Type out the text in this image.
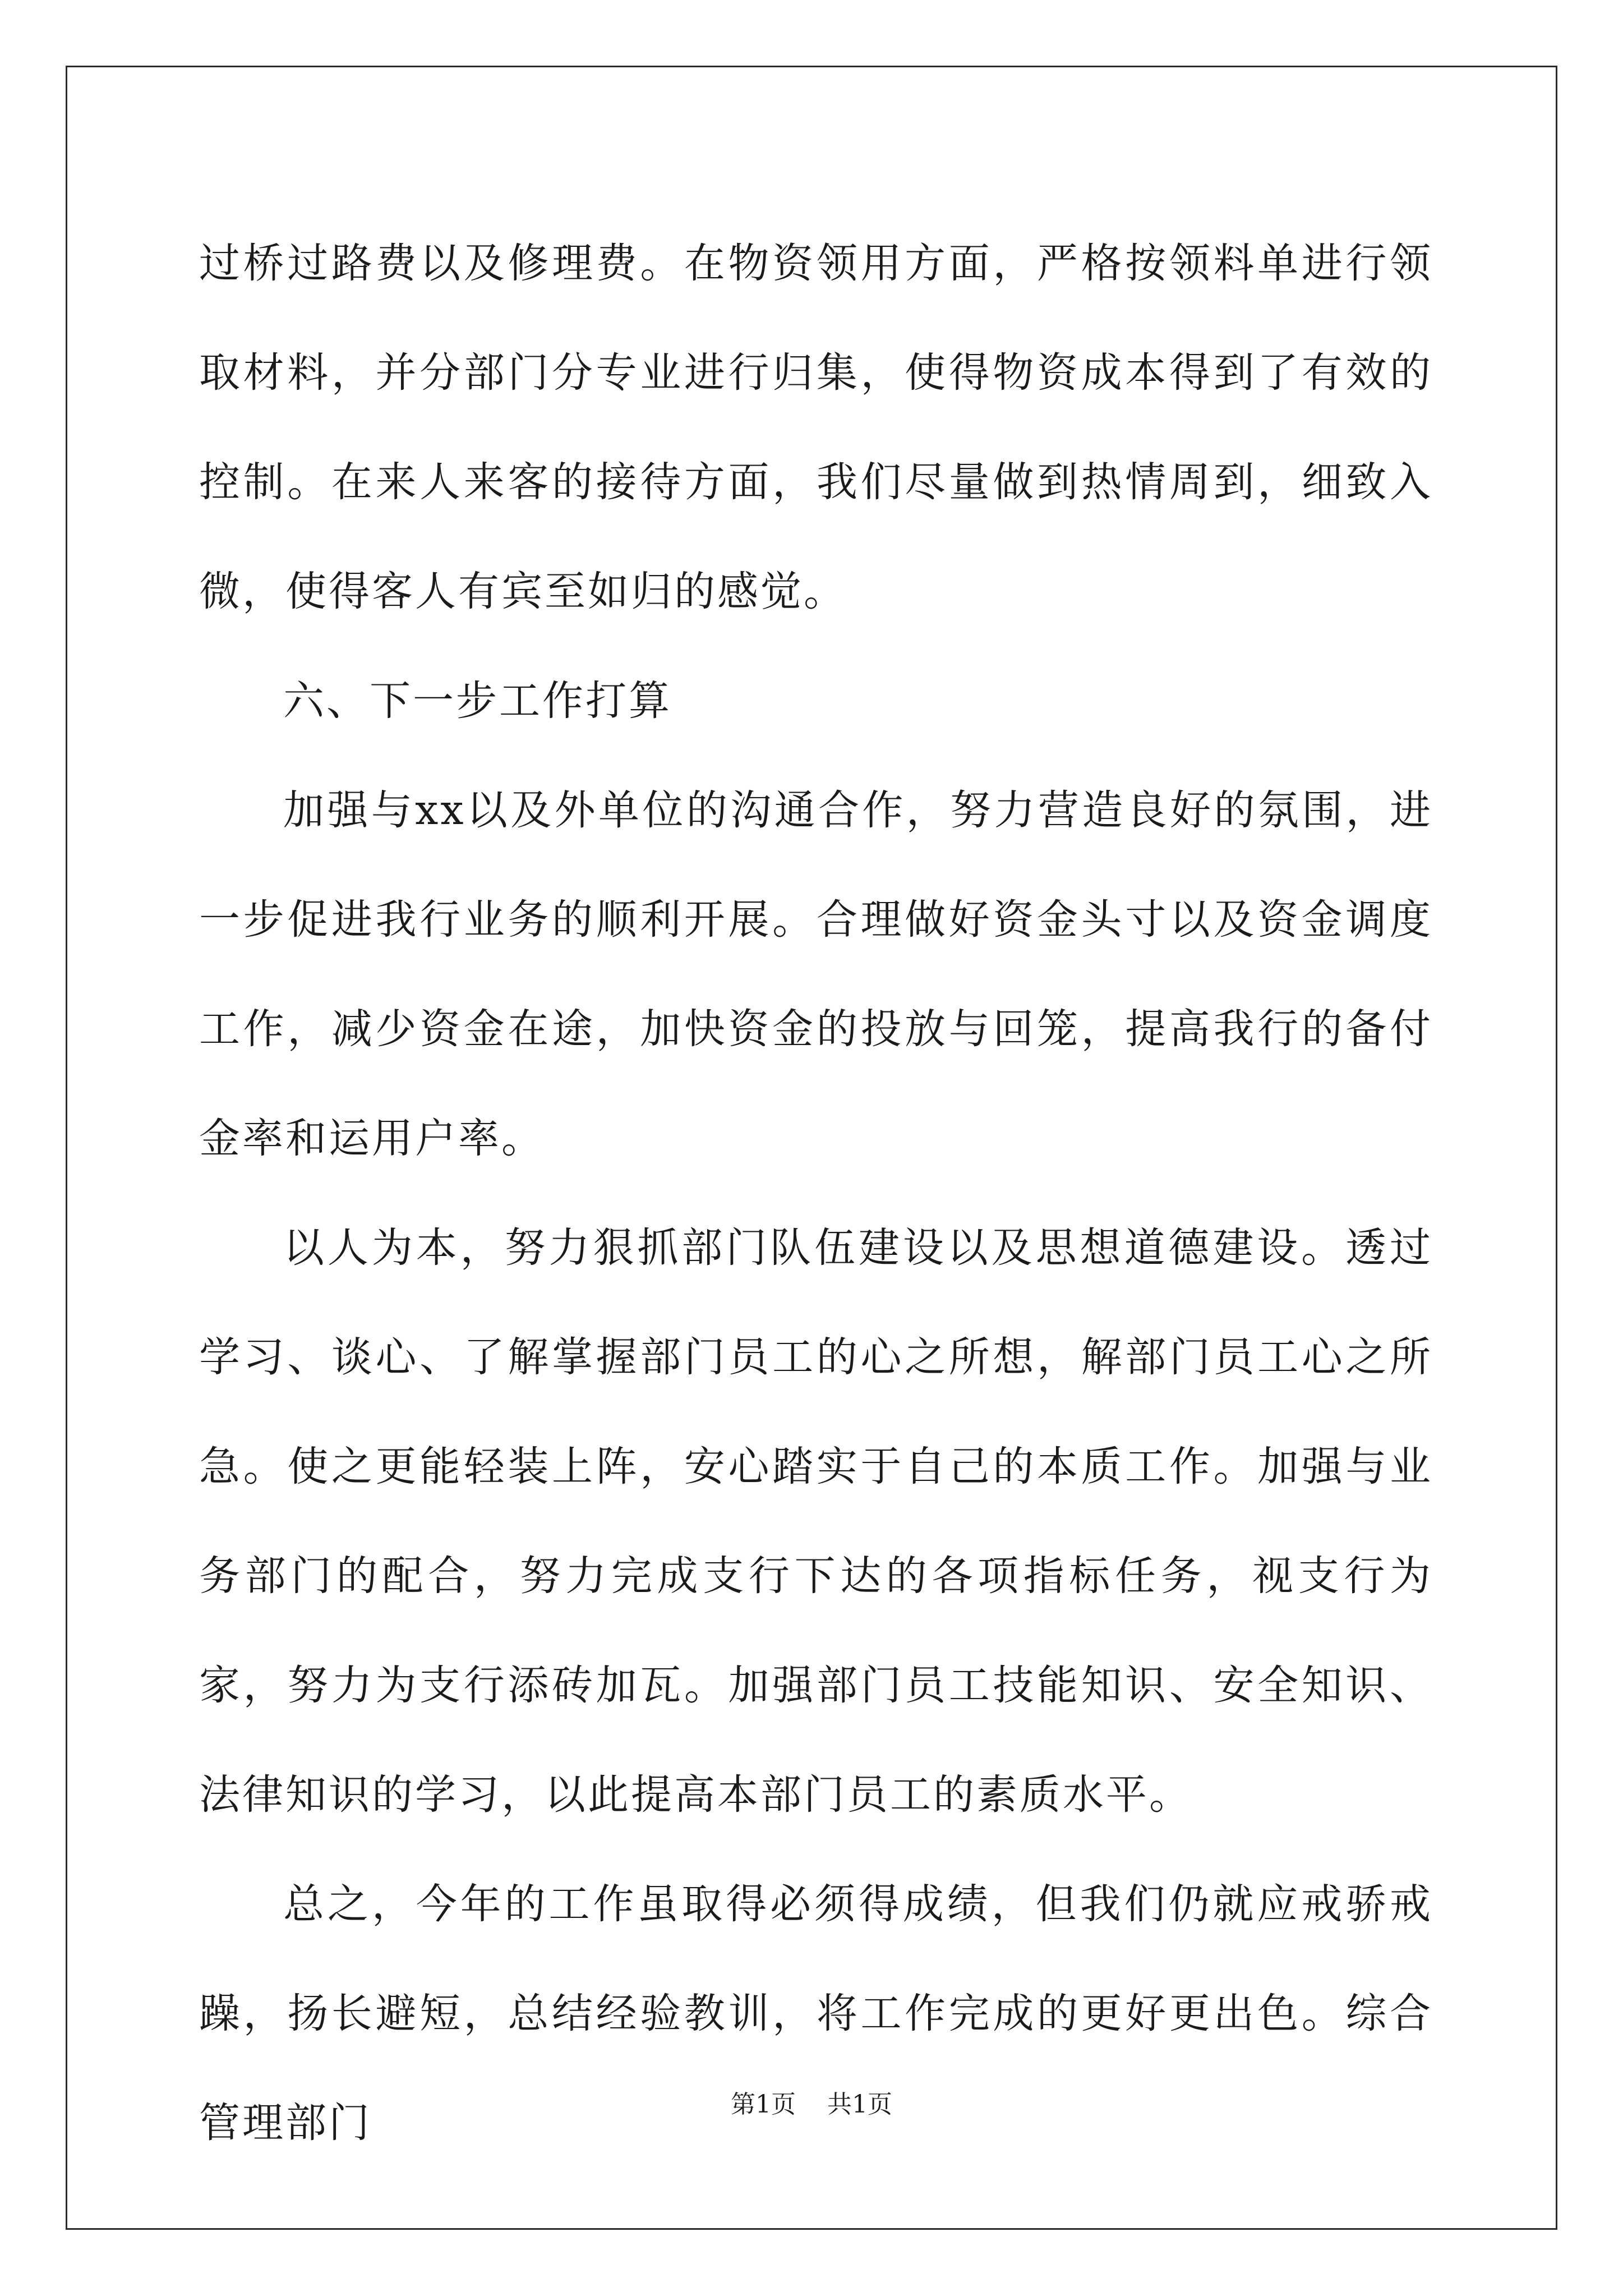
过桥过路费以及修理费。在物资领用方面，严格按领料单进行领取材料，并分部门分专业进行归集，使得物资成本得到了有效的控制。在来人来客的接待方面，我们尽量做到热情周到，细致入微，使得客人有宾至如归的感觉。

六、下一步工作打算

加强与xx以及外单位的沟通合作，努力营造良好的氛围，进一步促进我行业务的顺利开展。合理做好资金头寸以及资金调度工作，减少资金在途，加快资金的投放与回笼，提高我行的备付金率和运用户率。

以人为本，努力狠抓部门队伍建设以及思想道德建设。透过学习、谈心、了解掌握部门员工的心之所想，解部门员工心之所急。使之更能轻装上阵，安心踏实于自己的本质工作。加强与业务部门的配合，努力完成支行下达的各项指标任务，视支行为家，努力为支行添砖加瓦。加强部门员工技能知识、安全知识、法律知识的学习，以此提高本部门员工的素质水平。

总之，今年的工作虽取得必须得成绩，但我们仍就应戒骄戒躁，扬长避短，总结经验教训，将工作完成的更好更出色。综合管理部门	第1页 共1页
